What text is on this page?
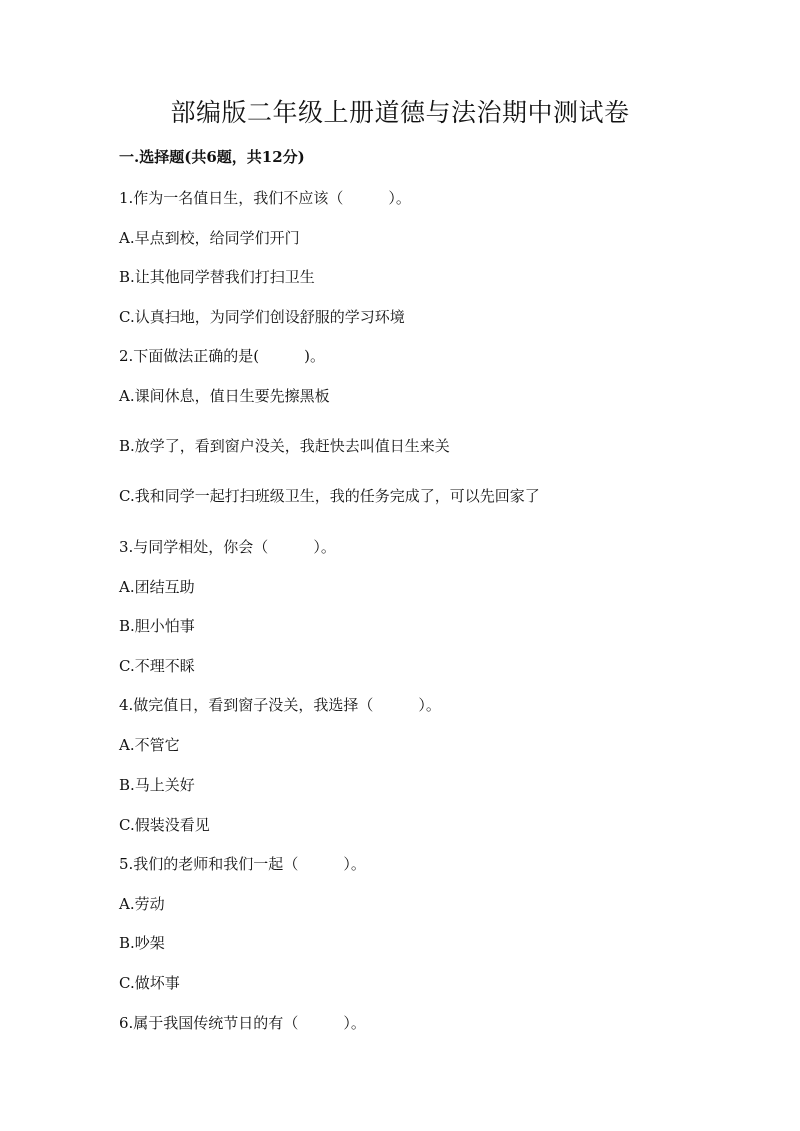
部编版二年级上册道德与法治期中测试卷
一.选择题(共6题，共12分)
1.作为一名值日生，我们不应该（　　　）。
A.早点到校，给同学们开门
B.让其他同学替我们打扫卫生
C.认真扫地，为同学们创设舒服的学习环境
2.下面做法正确的是(　　　)。
A.课间休息，值日生要先擦黑板
B.放学了，看到窗户没关，我赶快去叫值日生来关
C.我和同学一起打扫班级卫生，我的任务完成了，可以先回家了
3.与同学相处，你会（　　　）。
A.团结互助
B.胆小怕事
C.不理不睬
4.做完值日，看到窗子没关，我选择（　　　）。
A.不管它
B.马上关好
C.假装没看见
5.我们的老师和我们一起（　　　）。
A.劳动
B.吵架
C.做坏事
6.属于我国传统节日的有（　　　）。
